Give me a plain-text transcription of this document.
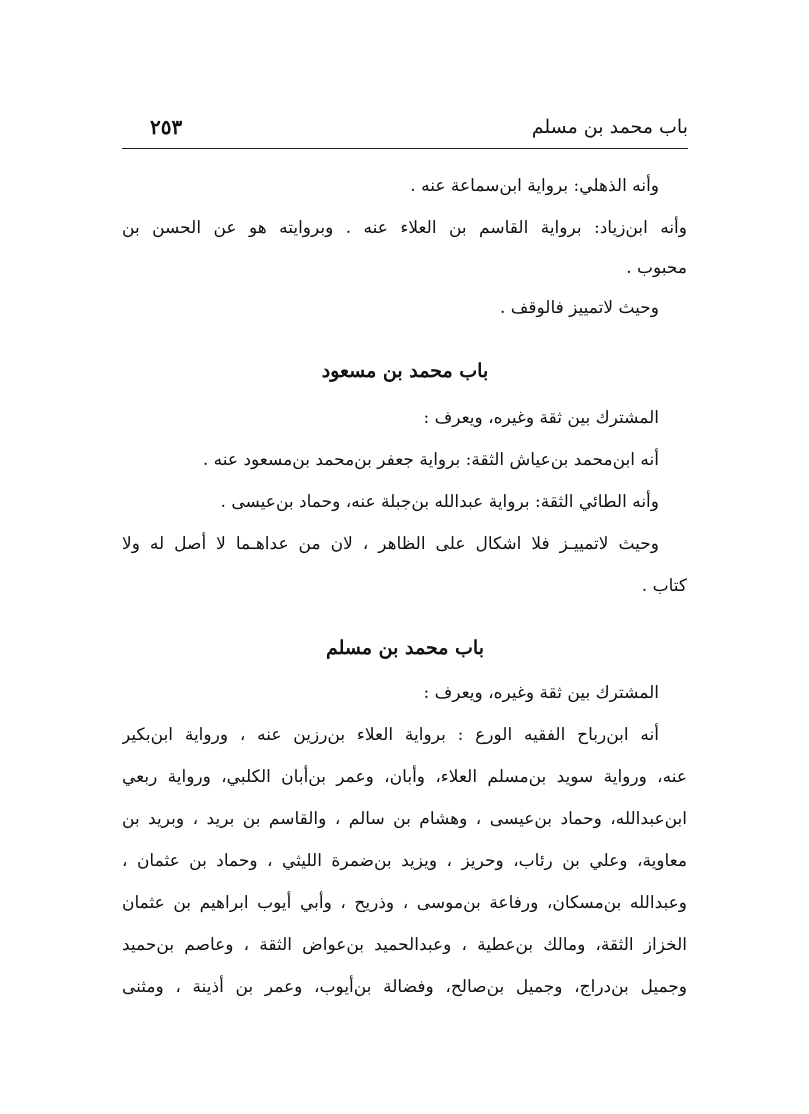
باب محمد بن مسلم
٢٥٣
وأنه الذهلي: برواية ابن‌سماعة عنه .
وأنه ابن‌زياد: برواية القاسم بن العلاء عنه . وبروايته هو عن الحسن بن
محبوب .
وحيث لاتمييز فالوقف .
باب محمد بن مسعود
المشترك بين ثقة وغيره، ويعرف :
أنه ابن‌محمد بن‌عياش الثقة: برواية جعفر بن‌محمد بن‌مسعود عنه .
وأنه الطائي الثقة: برواية عبدالله بن‌جبلة عنه، وحماد بن‌عيسى .
وحيث لاتمييـز فلا اشكال على الظاهر ، لان من عداهـما لا أصل له ولا
كتاب .
باب محمد بن مسلم
المشترك بين ثقة وغيره، ويعرف :
أنه ابن‌رباح الفقيه الورع : برواية العلاء بن‌رزين عنه ، ورواية ابن‌بكير
عنه، ورواية سويد بن‌مسلم العلاء، وأبان، وعمر بن‌أبان الكلبي، ورواية ربعي
ابن‌عبدالله، وحماد بن‌عيسى ، وهشام بن سالم ، والقاسم بن بريد ، وبريد بن
معاوية، وعلي بن رئاب، وحريز ، ويزيد بن‌ضمرة الليثي ، وحماد بن عثمان ،
وعبدالله بن‌مسكان، ورفاعة بن‌موسى ، وذريح ، وأبي أيوب ابراهيم بن عثمان
الخزاز الثقة، ومالك بن‌عطية ، وعبدالحميد بن‌عواض الثقة ، وعاصم بن‌حميد
وجميل بن‌دراج، وجميل بن‌صالح، وفضالة بن‌أيوب، وعمر بن أذينة ، ومثنى
